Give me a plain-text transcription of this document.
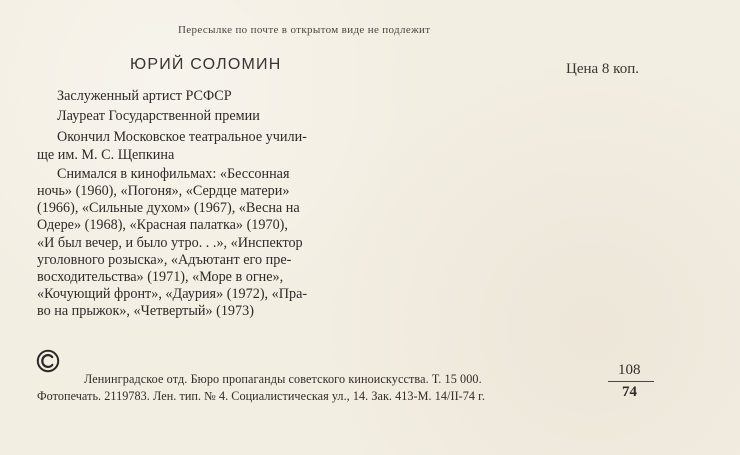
Пересылке по почте в открытом виде не подлежит
ЮРИЙ СОЛОМИН	Цена 8 коп.
Заслуженный артист РСФСР
Лауреат Государственной премии
Окончил Московское театральное учили-
ще им. М. С. Щепкина
Снимался в кинофильмах: «Бессонная
ночь» (1960), «Погоня», «Сердце матери»
(1966), «Сильные духом» (1967), «Весна на
Одере» (1968), «Красная палатка» (1970),
«И был вечер, и было утро. . .», «Инспектор
уголовного розыска», «Адъютант его пре-
восходительства» (1971), «Море в огне»,
«Кочующий фронт», «Даурия» (1972), «Пра-
во на прыжок», «Четвертый» (1973)
Ленинградское отд. Бюро пропаганды советского киноискусства. Т. 15 000.
Фотопечать. 2119783. Лен. тип. № 4. Социалистическая ул., 14. Зак. 413-М. 14/II-74 г.
108
74
